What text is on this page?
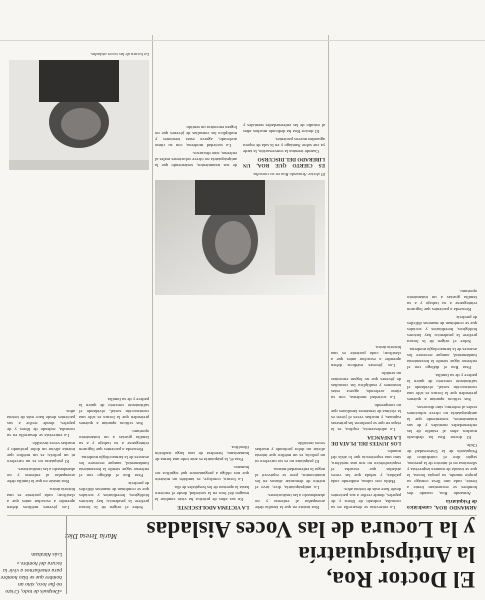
El Doctor Roa,
la Antipsiquiatría
y la Locura de las Voces Aisladas
María Teresa Díez
«Después de todo, Cristo no fue loco, sino un hombre que se hizo hombre para enseñarnos a vivir la locura del hombre.»
Luis Abraham

ARMANDO ROA, catedrático de Psiquiatría

Armando Roa, cuando dos hombres se encuentran frente a frente, cada uno lleva consigo su propio mundo, su propia locura, la que se instala de manera imprevista y silenciosa en el interior de la persona, según dice el catedrático de Psiquiatría de la Universidad de Chile.

El doctor Roa ha dedicado muchos años al estudio de las enfermedades mentales y de sus tratamientos, sosteniendo que la antipsiquiatría no ofrece soluciones reales al enfermo, sino discursos.

Sus críticas apuntan a quienes pretenden que la locura es sólo una construcción social, olvidando el sufrimiento concreto de quien la padece y de su familia.

Para Roa el diálogo con el enfermo sigue siendo la herramienta fundamental, aunque reconoce los avances de la farmacología moderna.

Sobre el origen de la locura prefiere la prudencia: hay factores biológicos, hereditarios y sociales que se combinan de maneras difíciles de predecir.

Recuerda a pacientes que lograron reintegrarse a su trabajo y a su familia gracias a un tratamiento oportuno.

La entrevista se desarrolla en su consulta, rodeado de libros y de papeles, donde recibe a sus pacientes desde hace más de treinta años.

Habla con calma, midiendo cada palabra, y señala que las voces aisladas que escucha el esquizofrénico no son una metáfora, sino una experiencia que lo aísla del mundo.

LOS JUNTES DEL PLATA DE LA INFANCIA

La adolescencia, explica, es la etapa en que se producen las primeras rupturas, y muchas veces el joven es la víctima de tensiones familiares que no comprende.

La sociedad moderna, con su ritmo acelerado, agrava estas tensiones y multiplica las consultas de jóvenes que no logran encontrar un sentido.

Los jóvenes médicos deben aprender a escuchar antes que a clasificar; cada paciente es una historia única.

Roa insiste en que la familia debe acompañar al enfermo y no abandonarlo a las instituciones.

La antipsiquiatría, dice, tuvo el mérito de denunciar abusos en los manicomios, pero se equivocó al negar la enfermedad misma.

El psiquiatra no es un carcelero ni un policía; es un médico que intenta aliviar un dolor profundo y muchas veces invisible.

El doctor Armando Roa en su consulta.

LA VÍCTIMA ADOLESCENTE

En sus años de práctica ha visto cambiar la imagen del loco en la sociedad, desde el encierro hasta la apertura de los hospitales de día.

La locura, concluye, es también un misterio que nos obliga a preguntarnos qué significa ser humano.

Para él, la psiquiatría es ante todo una forma de humanismo, heredera de una larga tradición filosófica.

ES CIERTO QUE ROA, UN LIBERADO DEL DISCURSO

Cuando termina la conversación, la tarde ya cae sobre Santiago y en la sala de espera aguardan nuevos pacientes.

El doctor Roa ha dedicado muchos años al estudio de las enfermedades mentales y de sus tratamientos, sosteniendo que la antipsiquiatría no ofrece soluciones reales al enfermo, sino discursos.

La sociedad moderna, con su ritmo acelerado, agrava estas tensiones y multiplica las consultas de jóvenes que no logran encontrar un sentido.

La locura de las voces aisladas.

Sobre el origen de la locura prefiere la prudencia: hay factores biológicos, hereditarios y sociales que se combinan de maneras difíciles de predecir.

Para Roa el diálogo con el enfermo sigue siendo la herramienta fundamental, aunque reconoce los avances de la farmacología moderna.

Recuerda a pacientes que lograron reintegrarse a su trabajo y a su familia gracias a un tratamiento oportuno.

Sus críticas apuntan a quienes pretenden que la locura es sólo una construcción social, olvidando el sufrimiento concreto de quien la padece y de su familia.

Los jóvenes médicos deben aprender a escuchar antes que a clasificar; cada paciente es una historia única.

Roa insiste en que la familia debe acompañar al enfermo y no abandonarlo a las instituciones.

El psiquiatra no es un carcelero ni un policía; es un médico que intenta aliviar un dolor profundo y muchas veces invisible.

La entrevista se desarrolla en su consulta, rodeado de libros y de papeles, donde recibe a sus pacientes desde hace más de treinta años.
